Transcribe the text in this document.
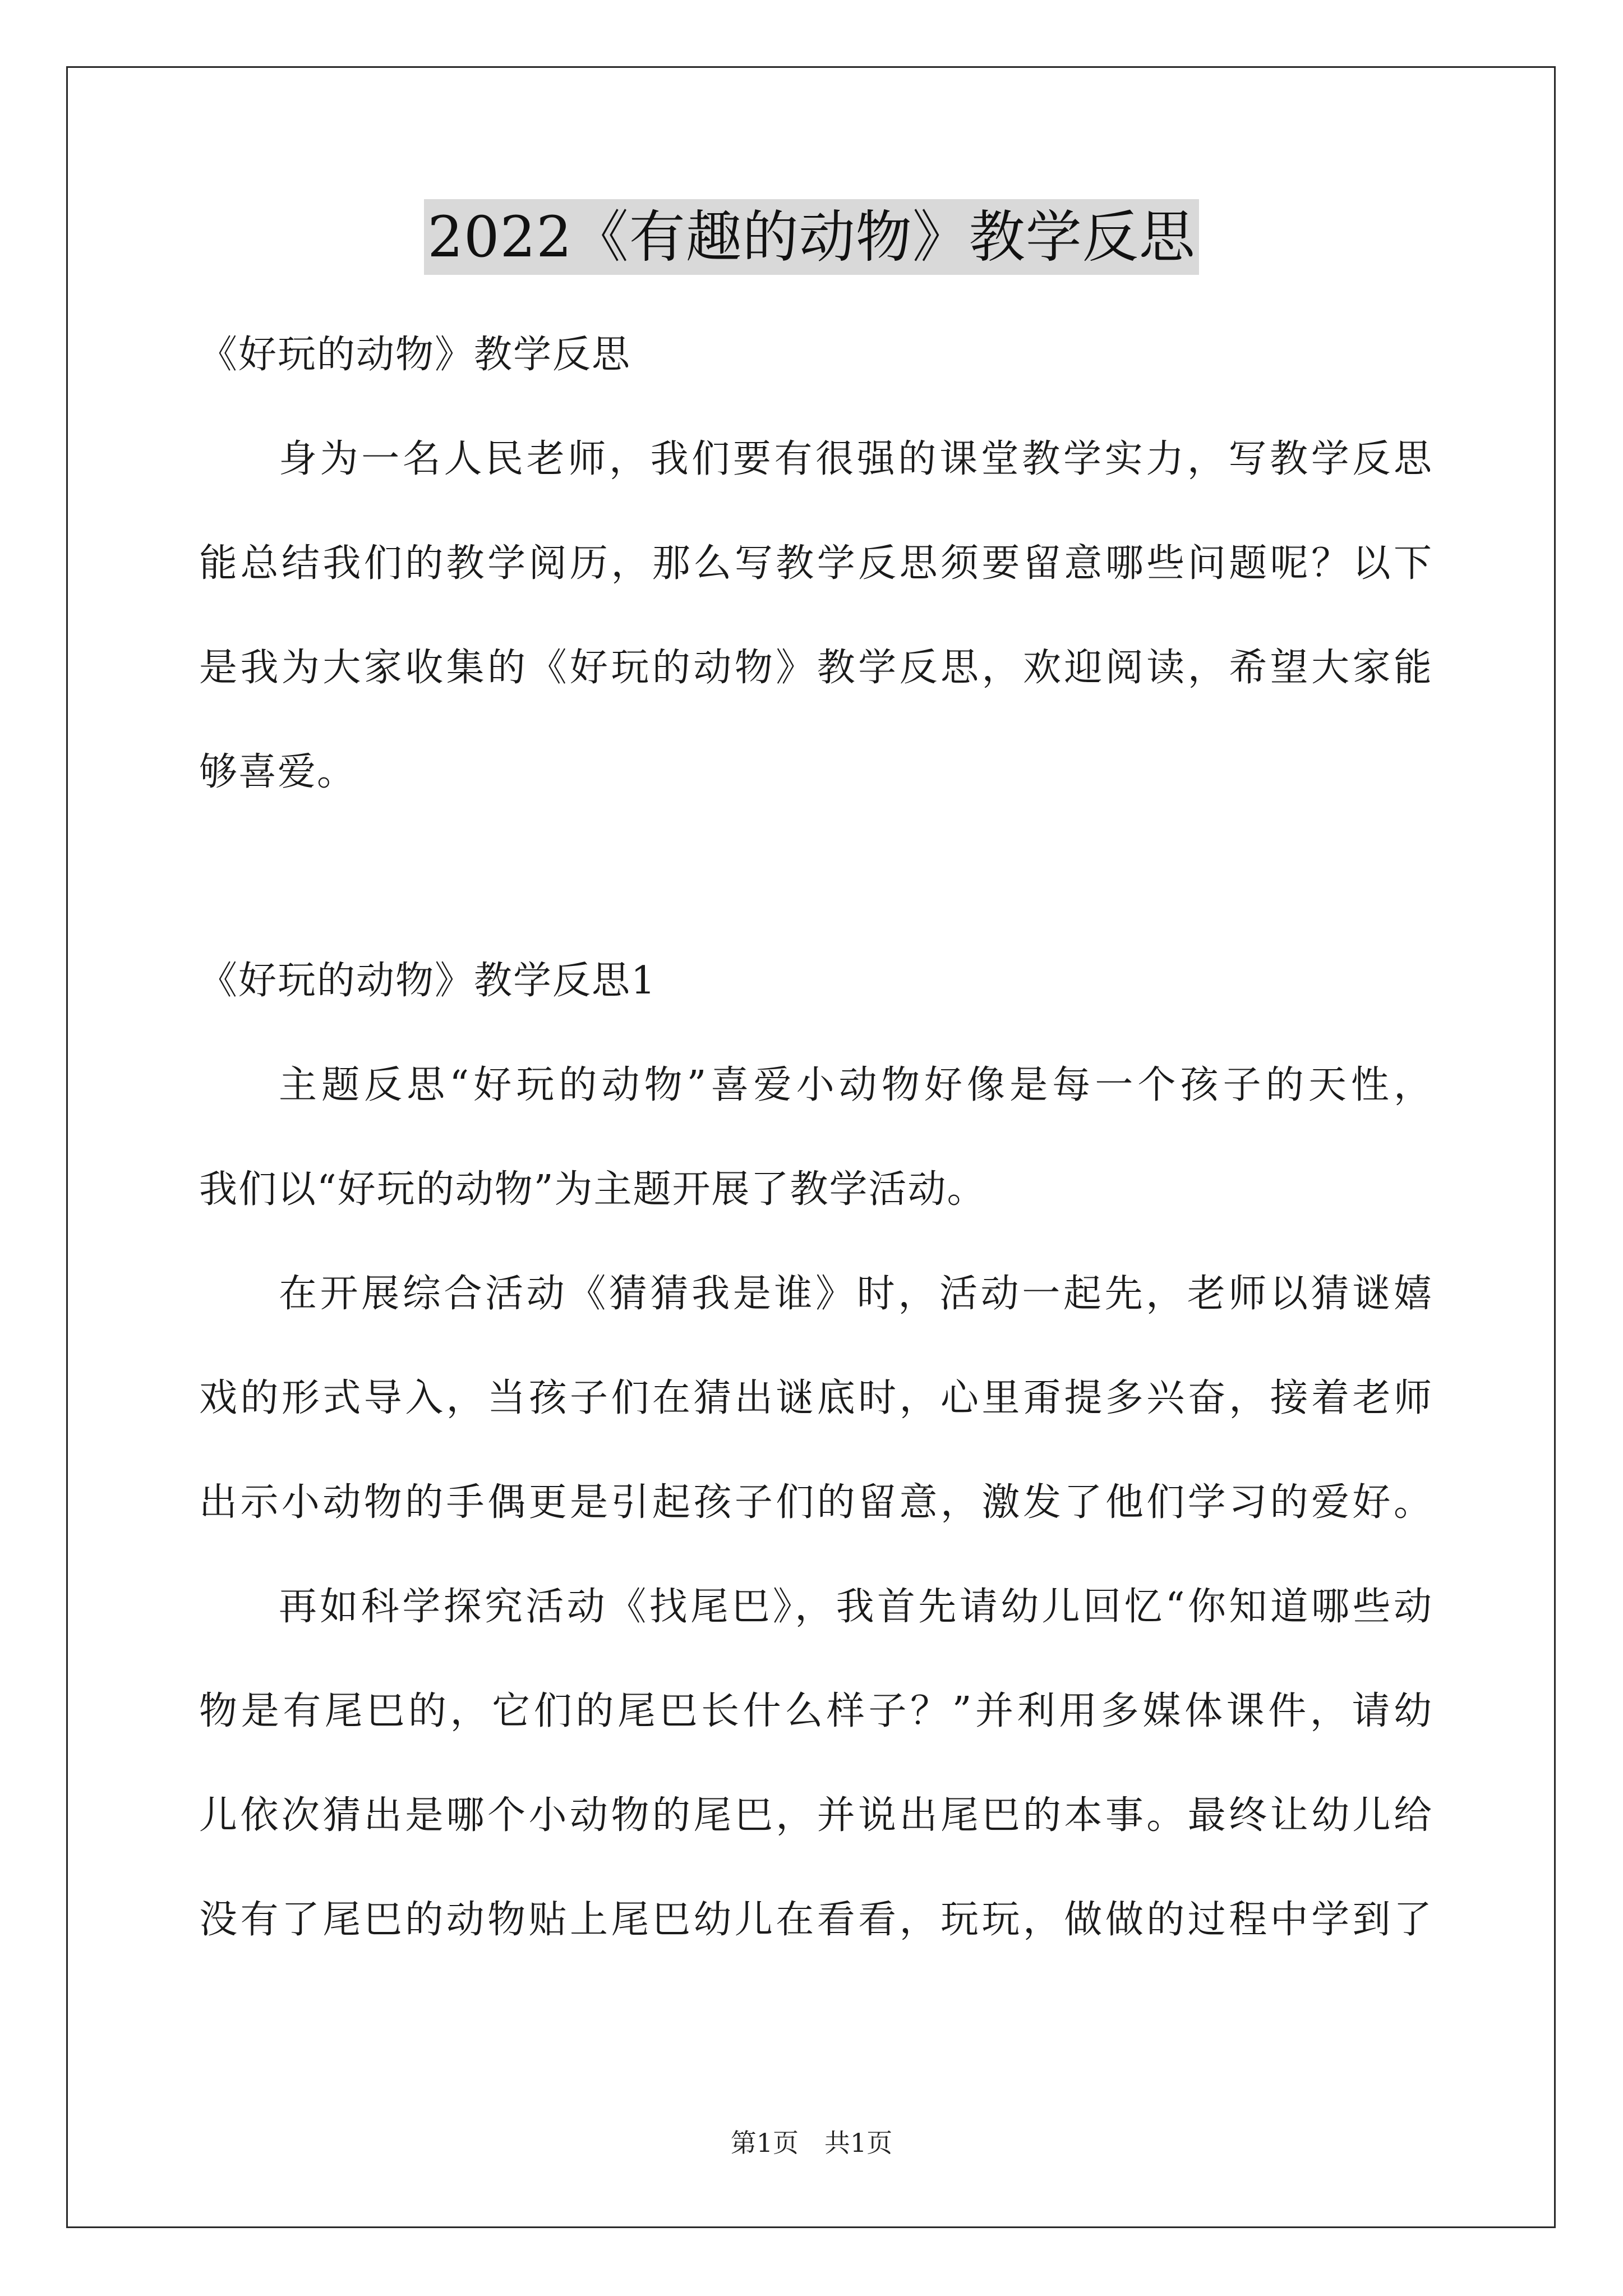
2022《有趣的动物》教学反思
《好玩的动物》教学反思
身为一名人民老师，我们要有很强的课堂教学实力，写教学反思
能总结我们的教学阅历，那么写教学反思须要留意哪些问题呢？以下
是我为大家收集的《好玩的动物》教学反思，欢迎阅读，希望大家能
够喜爱。
《好玩的动物》教学反思1
主题反思“好玩的动物”喜爱小动物好像是每一个孩子的天性，
我们以“好玩的动物”为主题开展了教学活动。
在开展综合活动《猜猜我是谁》时，活动一起先，老师以猜谜嬉
戏的形式导入，当孩子们在猜出谜底时，心里甭提多兴奋，接着老师
出示小动物的手偶更是引起孩子们的留意，激发了他们学习的爱好。
再如科学探究活动《找尾巴》，我首先请幼儿回忆“你知道哪些动
物是有尾巴的，它们的尾巴长什么样子？”并利用多媒体课件，请幼
儿依次猜出是哪个小动物的尾巴，并说出尾巴的本事。最终让幼儿给
没有了尾巴的动物贴上尾巴幼儿在看看，玩玩，做做的过程中学到了
第1页　共1页
